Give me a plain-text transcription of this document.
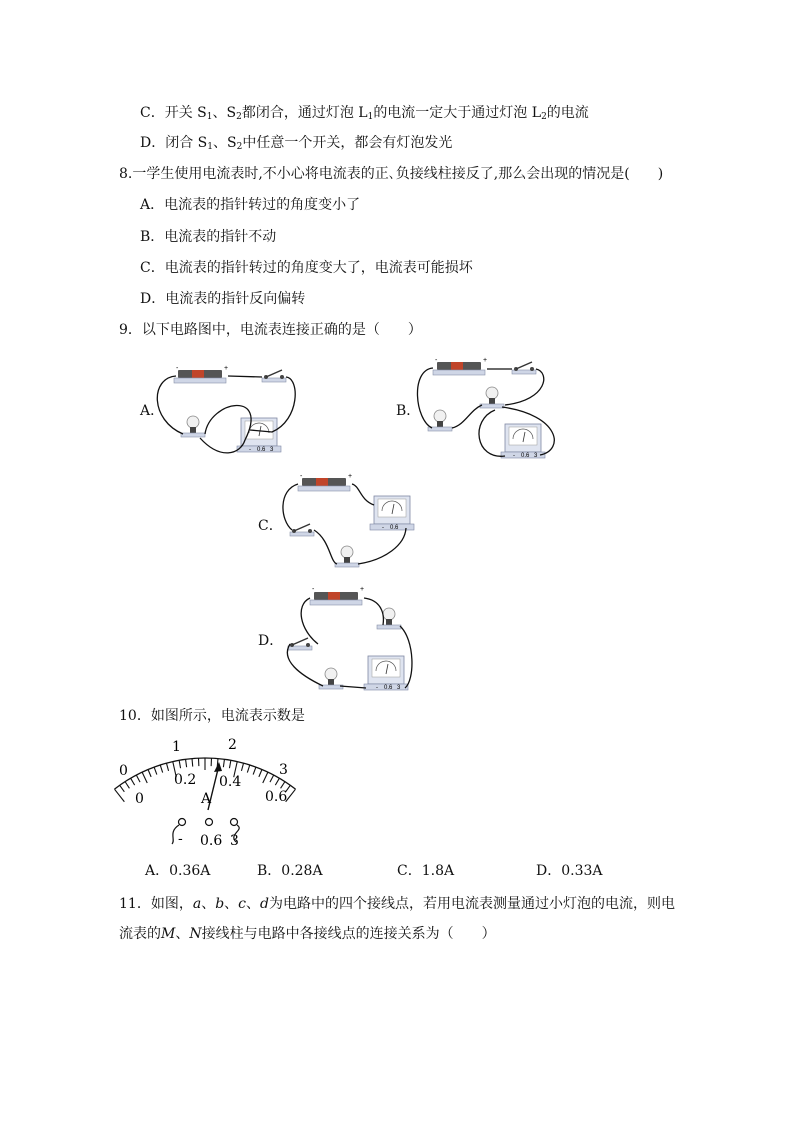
C．开关 $S_1$、$S_2$都闭合，通过灯泡 $L_1$的电流一定大于通过灯泡 $L_2$的电流
D．闭合 $S_1$、$S_2$中任意一个开关，都会有灯泡发光
8.一学生使用电流表时,不小心将电流表的正､负接线柱接反了,那么会出现的情况是(　　)
A．电流表的指针转过的角度变小了
B．电流表的指针不动
C．电流表的指针转过的角度变大了，电流表可能损坏
D．电流表的指针反向偏转
9．以下电路图中，电流表连接正确的是（　　）
A．	B．
C．
D．
- 0.6 3
- 0.6 3
- 0.6
- 0.6 3
-	+
-	+
-	+
-	+
10．如图所示，电流表示数是
0
1	2
3
0
0.2 0.4
0.6
A
- 0.6 3
A．0.36A	B．0.28A	C．1.8A	D．0.33A
11．如图，a、b、c、d为电路中的四个接线点，若用电流表测量通过小灯泡的电流，则电
流表的M、N接线柱与电路中各接线点的连接关系为（　　）
